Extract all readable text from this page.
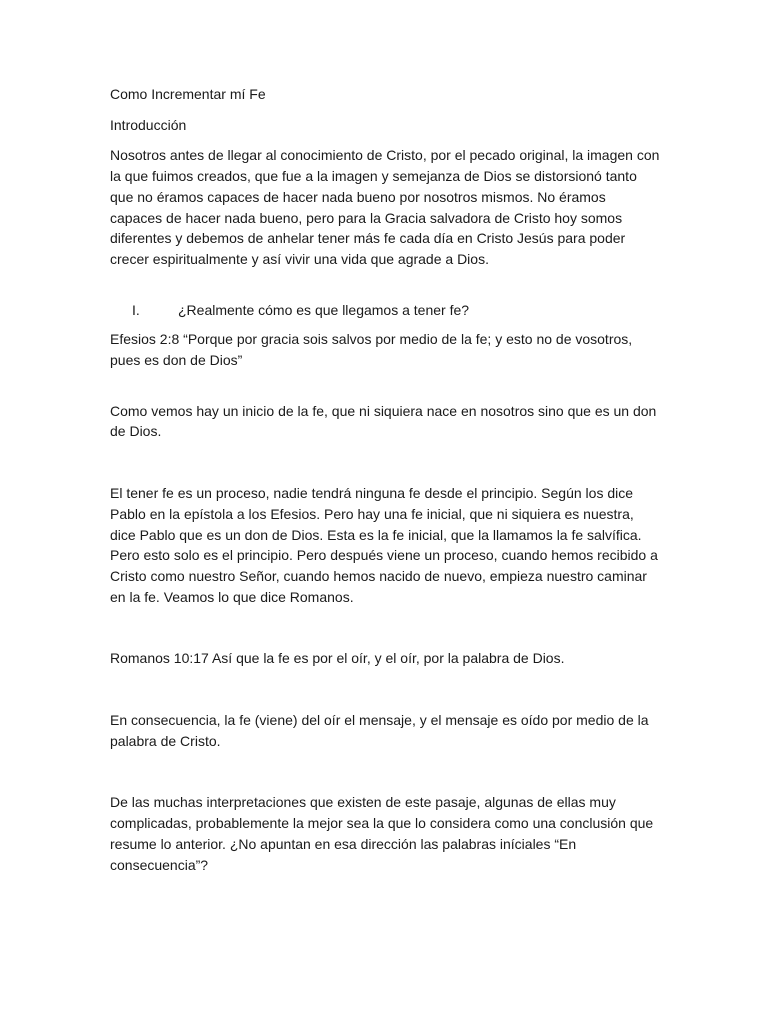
Como Incrementar mí Fe

Introducción

Nosotros antes de llegar al conocimiento de Cristo, por el pecado original, la imagen con la que fuimos creados, que fue a la imagen y semejanza de Dios se distorsionó tanto que no éramos capaces de hacer nada bueno por nosotros mismos. No éramos capaces de hacer nada bueno, pero para la Gracia salvadora de Cristo hoy somos diferentes y debemos de anhelar tener más fe cada día en Cristo Jesús para poder crecer espiritualmente y así vivir una vida que agrade a Dios.

I.	¿Realmente cómo es que llegamos a tener fe?

Efesios 2:8 “Porque por gracia sois salvos por medio de la fe; y esto no de vosotros, pues es don de Dios”

Como vemos hay un inicio de la fe, que ni siquiera nace en nosotros sino que es un don de Dios.

El tener fe es un proceso, nadie tendrá ninguna fe desde el principio. Según los dice Pablo en la epístola a los Efesios. Pero hay una fe inicial, que ni siquiera es nuestra, dice Pablo que es un don de Dios. Esta es la fe inicial, que la llamamos la fe salvífica. Pero esto solo es el principio. Pero después viene un proceso, cuando hemos recibido a Cristo como nuestro Señor, cuando hemos nacido de nuevo, empieza nuestro caminar en la fe. Veamos lo que dice Romanos.

Romanos 10:17 Así que la fe es por el oír, y el oír, por la palabra de Dios.

En consecuencia, la fe (viene) del oír el mensaje, y el mensaje es oído por medio de la palabra de Cristo.

De las muchas interpretaciones que existen de este pasaje, algunas de ellas muy complicadas, probablemente la mejor sea la que lo considera como una conclusión que resume lo anterior. ¿No apuntan en esa dirección las palabras iníciales “En consecuencia”?
